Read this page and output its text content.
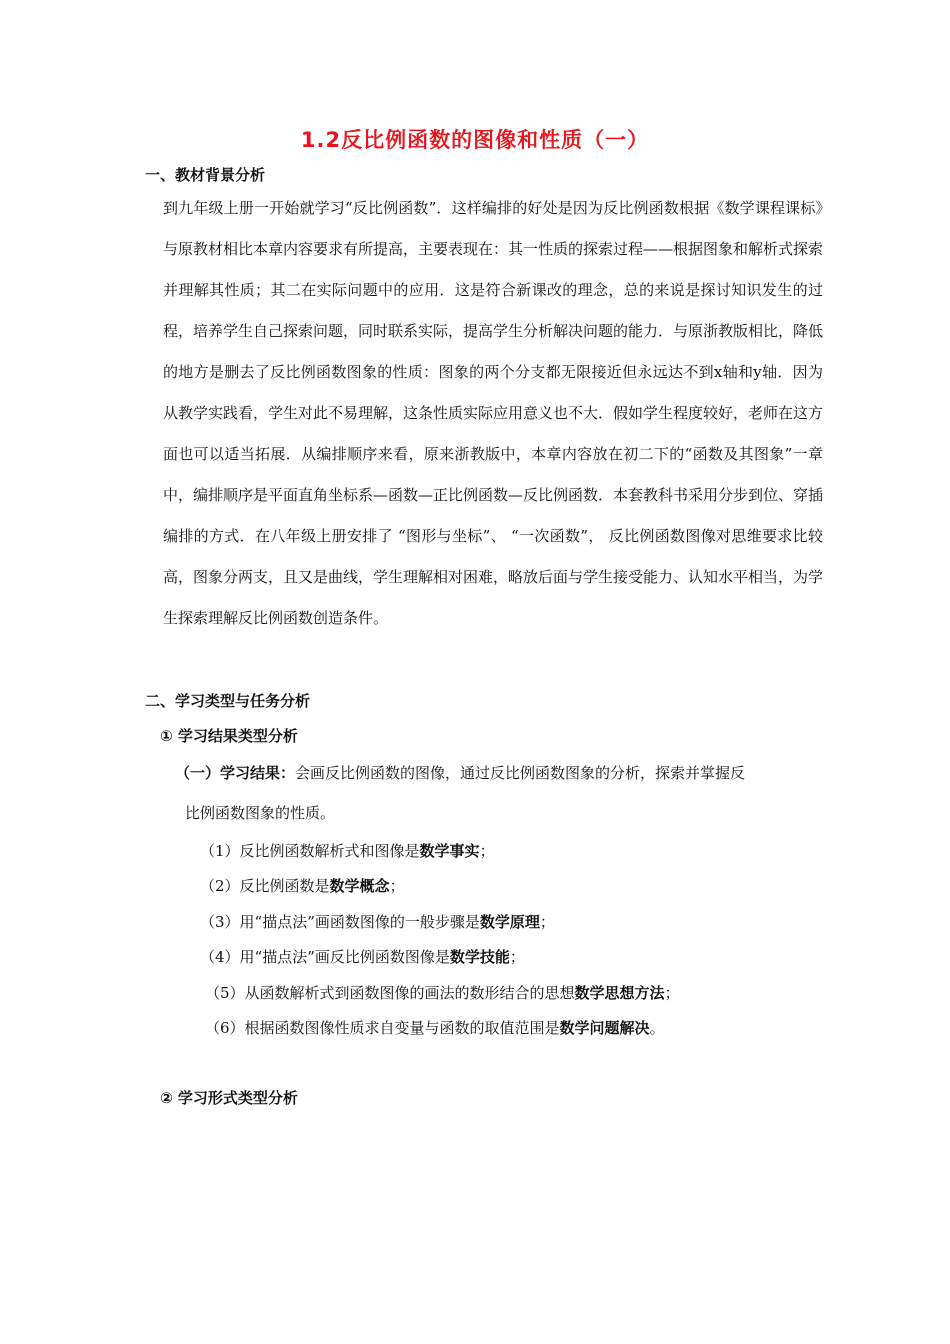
1.2反比例函数的图像和性质（一）
一、教材背景分析

到九年级上册一开始就学习“反比例函数”．这样编排的好处是因为反比例函数根据《数学课程课标》与原教材相比本章内容要求有所提高，主要表现在：其一性质的探索过程——根据图象和解析式探索并理解其性质；其二在实际问题中的应用．这是符合新课改的理念，总的来说是探讨知识发生的过程，培养学生自己探索问题，同时联系实际，提高学生分析解决问题的能力．与原浙教版相比，降低的地方是删去了反比例函数图象的性质：图象的两个分支都无限接近但永远达不到x轴和y轴．因为从教学实践看，学生对此不易理解，这条性质实际应用意义也不大．假如学生程度较好，老师在这方面也可以适当拓展．从编排顺序来看，原来浙教版中，本章内容放在初二下的“函数及其图象”一章中，编排顺序是平面直角坐标系—函数—正比例函数—反比例函数．本套教科书采用分步到位、穿插编排的方式．在八年级上册安排了 “图形与坐标”、 “一次函数”， 反比例函数图像对思维要求比较高，图象分两支，且又是曲线，学生理解相对困难，略放后面与学生接受能力、认知水平相当，为学生探索理解反比例函数创造条件。

二、学习类型与任务分析
① 学习结果类型分析
（一）学习结果：会画反比例函数的图像，通过反比例函数图象的分析，探索并掌握反
比例函数图象的性质。
（1）反比例函数解析式和图像是数学事实；
（2）反比例函数是数学概念；
（3）用“描点法”画函数图像的一般步骤是数学原理；
（4）用“描点法”画反比例函数图像是数学技能；
（5）从函数解析式到函数图像的画法的数形结合的思想数学思想方法；
（6）根据函数图像性质求自变量与函数的取值范围是数学问题解决。
② 学习形式类型分析
